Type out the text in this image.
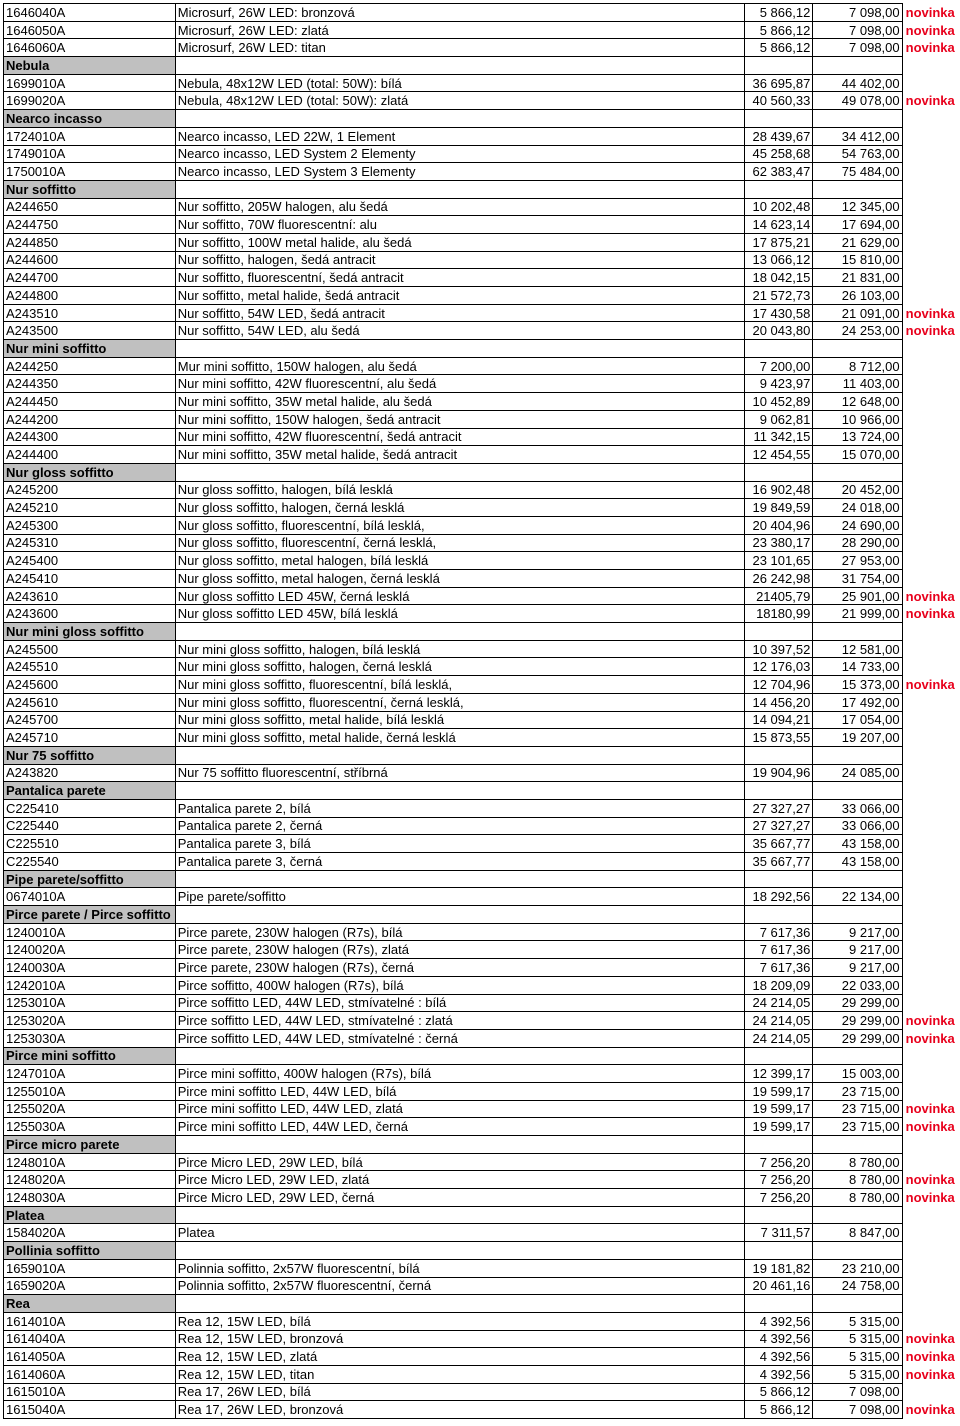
1646040A	Microsurf, 26W LED: bronzová	5 866,12	7 098,00	novinka
1646050A	Microsurf, 26W LED: zlatá	5 866,12	7 098,00	novinka
1646060A	Microsurf, 26W LED: titan	5 866,12	7 098,00	novinka
Nebula				
1699010A	Nebula, 48x12W LED (total: 50W): bílá	36 695,87	44 402,00	
1699020A	Nebula, 48x12W LED (total: 50W): zlatá	40 560,33	49 078,00	novinka
Nearco incasso				
1724010A	Nearco incasso, LED 22W, 1 Element	28 439,67	34 412,00	
1749010A	Nearco incasso, LED System 2 Elementy	45 258,68	54 763,00	
1750010A	Nearco incasso, LED System 3 Elementy	62 383,47	75 484,00	
Nur soffitto				
A244650	Nur soffitto, 205W halogen, alu šedá	10 202,48	12 345,00	
A244750	Nur soffitto, 70W fluorescentní: alu	14 623,14	17 694,00	
A244850	Nur soffitto, 100W metal halide, alu šedá	17 875,21	21 629,00	
A244600	Nur soffitto, halogen, šedá antracit	13 066,12	15 810,00	
A244700	Nur soffitto, fluorescentní, šedá antracit	18 042,15	21 831,00	
A244800	Nur soffitto, metal halide, šedá antracit	21 572,73	26 103,00	
A243510	Nur soffitto, 54W LED, šedá antracit	17 430,58	21 091,00	novinka
A243500	Nur soffitto, 54W LED, alu šedá	20 043,80	24 253,00	novinka
Nur mini soffitto				
A244250	Mur mini soffitto, 150W halogen, alu šedá	7 200,00	8 712,00	
A244350	Nur mini soffitto, 42W fluorescentní, alu šedá	9 423,97	11 403,00	
A244450	Nur mini soffitto, 35W metal halide, alu šedá	10 452,89	12 648,00	
A244200	Nur mini soffitto, 150W halogen, šedá antracit	9 062,81	10 966,00	
A244300	Nur mini soffitto, 42W fluorescentní, šedá antracit	11 342,15	13 724,00	
A244400	Nur mini soffitto, 35W metal halide, šedá antracit	12 454,55	15 070,00	
Nur gloss soffitto				
A245200	Nur gloss soffitto, halogen, bílá lesklá	16 902,48	20 452,00	
A245210	Nur gloss soffitto, halogen, černá lesklá	19 849,59	24 018,00	
A245300	Nur gloss soffitto, fluorescentní, bílá lesklá,	20 404,96	24 690,00	
A245310	Nur gloss soffitto, fluorescentní, černá lesklá,	23 380,17	28 290,00	
A245400	Nur gloss soffitto, metal halogen, bílá lesklá	23 101,65	27 953,00	
A245410	Nur gloss soffitto, metal halogen, černá lesklá	26 242,98	31 754,00	
A243610	Nur gloss soffitto LED 45W, černá lesklá	21405,79	25 901,00	novinka
A243600	Nur gloss soffitto LED 45W, bílá lesklá	18180,99	21 999,00	novinka
Nur mini gloss soffitto				
A245500	Nur mini gloss soffitto, halogen, bílá lesklá	10 397,52	12 581,00	
A245510	Nur mini gloss soffitto, halogen, černá lesklá	12 176,03	14 733,00	
A245600	Nur mini gloss soffitto, fluorescentní, bílá lesklá,	12 704,96	15 373,00	novinka
A245610	Nur mini gloss soffitto, fluorescentní, černá lesklá,	14 456,20	17 492,00	
A245700	Nur mini gloss soffitto, metal halide, bílá lesklá	14 094,21	17 054,00	
A245710	Nur mini gloss soffitto, metal halide, černá lesklá	15 873,55	19 207,00	
Nur 75 soffitto				
A243820	Nur 75 soffitto fluorescentní, stříbrná	19 904,96	24 085,00	
Pantalica parete				
C225410	Pantalica parete 2, bílá	27 327,27	33 066,00	
C225440	Pantalica parete 2, černá	27 327,27	33 066,00	
C225510	Pantalica parete 3, bílá	35 667,77	43 158,00	
C225540	Pantalica parete 3, černá	35 667,77	43 158,00	
Pipe parete/soffitto				
0674010A	Pipe parete/soffitto	18 292,56	22 134,00	
Pirce parete / Pirce soffitto				
1240010A	Pirce parete, 230W halogen (R7s), bílá	7 617,36	9 217,00	
1240020A	Pirce parete, 230W halogen (R7s), zlatá	7 617,36	9 217,00	
1240030A	Pirce parete, 230W halogen (R7s), černá	7 617,36	9 217,00	
1242010A	Pirce soffitto, 400W halogen (R7s), bílá	18 209,09	22 033,00	
1253010A	Pirce soffitto LED, 44W LED, stmívatelné : bílá	24 214,05	29 299,00	
1253020A	Pirce soffitto LED, 44W LED, stmívatelné : zlatá	24 214,05	29 299,00	novinka
1253030A	Pirce soffitto LED, 44W LED, stmívatelné : černá	24 214,05	29 299,00	novinka
Pirce mini soffitto				
1247010A	Pirce mini soffitto, 400W halogen (R7s), bílá	12 399,17	15 003,00	
1255010A	Pirce mini soffitto LED, 44W LED, bílá	19 599,17	23 715,00	
1255020A	Pirce mini soffitto LED, 44W LED, zlatá	19 599,17	23 715,00	novinka
1255030A	Pirce mini soffitto LED, 44W LED, černá	19 599,17	23 715,00	novinka
Pirce micro parete				
1248010A	Pirce Micro LED, 29W LED, bílá	7 256,20	8 780,00	
1248020A	Pirce Micro LED, 29W LED, zlatá	7 256,20	8 780,00	novinka
1248030A	Pirce Micro LED, 29W LED, černá	7 256,20	8 780,00	novinka
Platea				
1584020A	Platea	7 311,57	8 847,00	
Pollinia soffitto				
1659010A	Polinnia soffitto, 2x57W fluorescentní, bílá	19 181,82	23 210,00	
1659020A	Polinnia soffitto, 2x57W fluorescentní, černá	20 461,16	24 758,00	
Rea				
1614010A	Rea 12, 15W LED, bílá	4 392,56	5 315,00	
1614040A	Rea 12, 15W LED, bronzová	4 392,56	5 315,00	novinka
1614050A	Rea 12, 15W LED, zlatá	4 392,56	5 315,00	novinka
1614060A	Rea 12, 15W LED, titan	4 392,56	5 315,00	novinka
1615010A	Rea 17, 26W LED, bílá	5 866,12	7 098,00	
1615040A	Rea 17, 26W LED, bronzová	5 866,12	7 098,00	novinka
